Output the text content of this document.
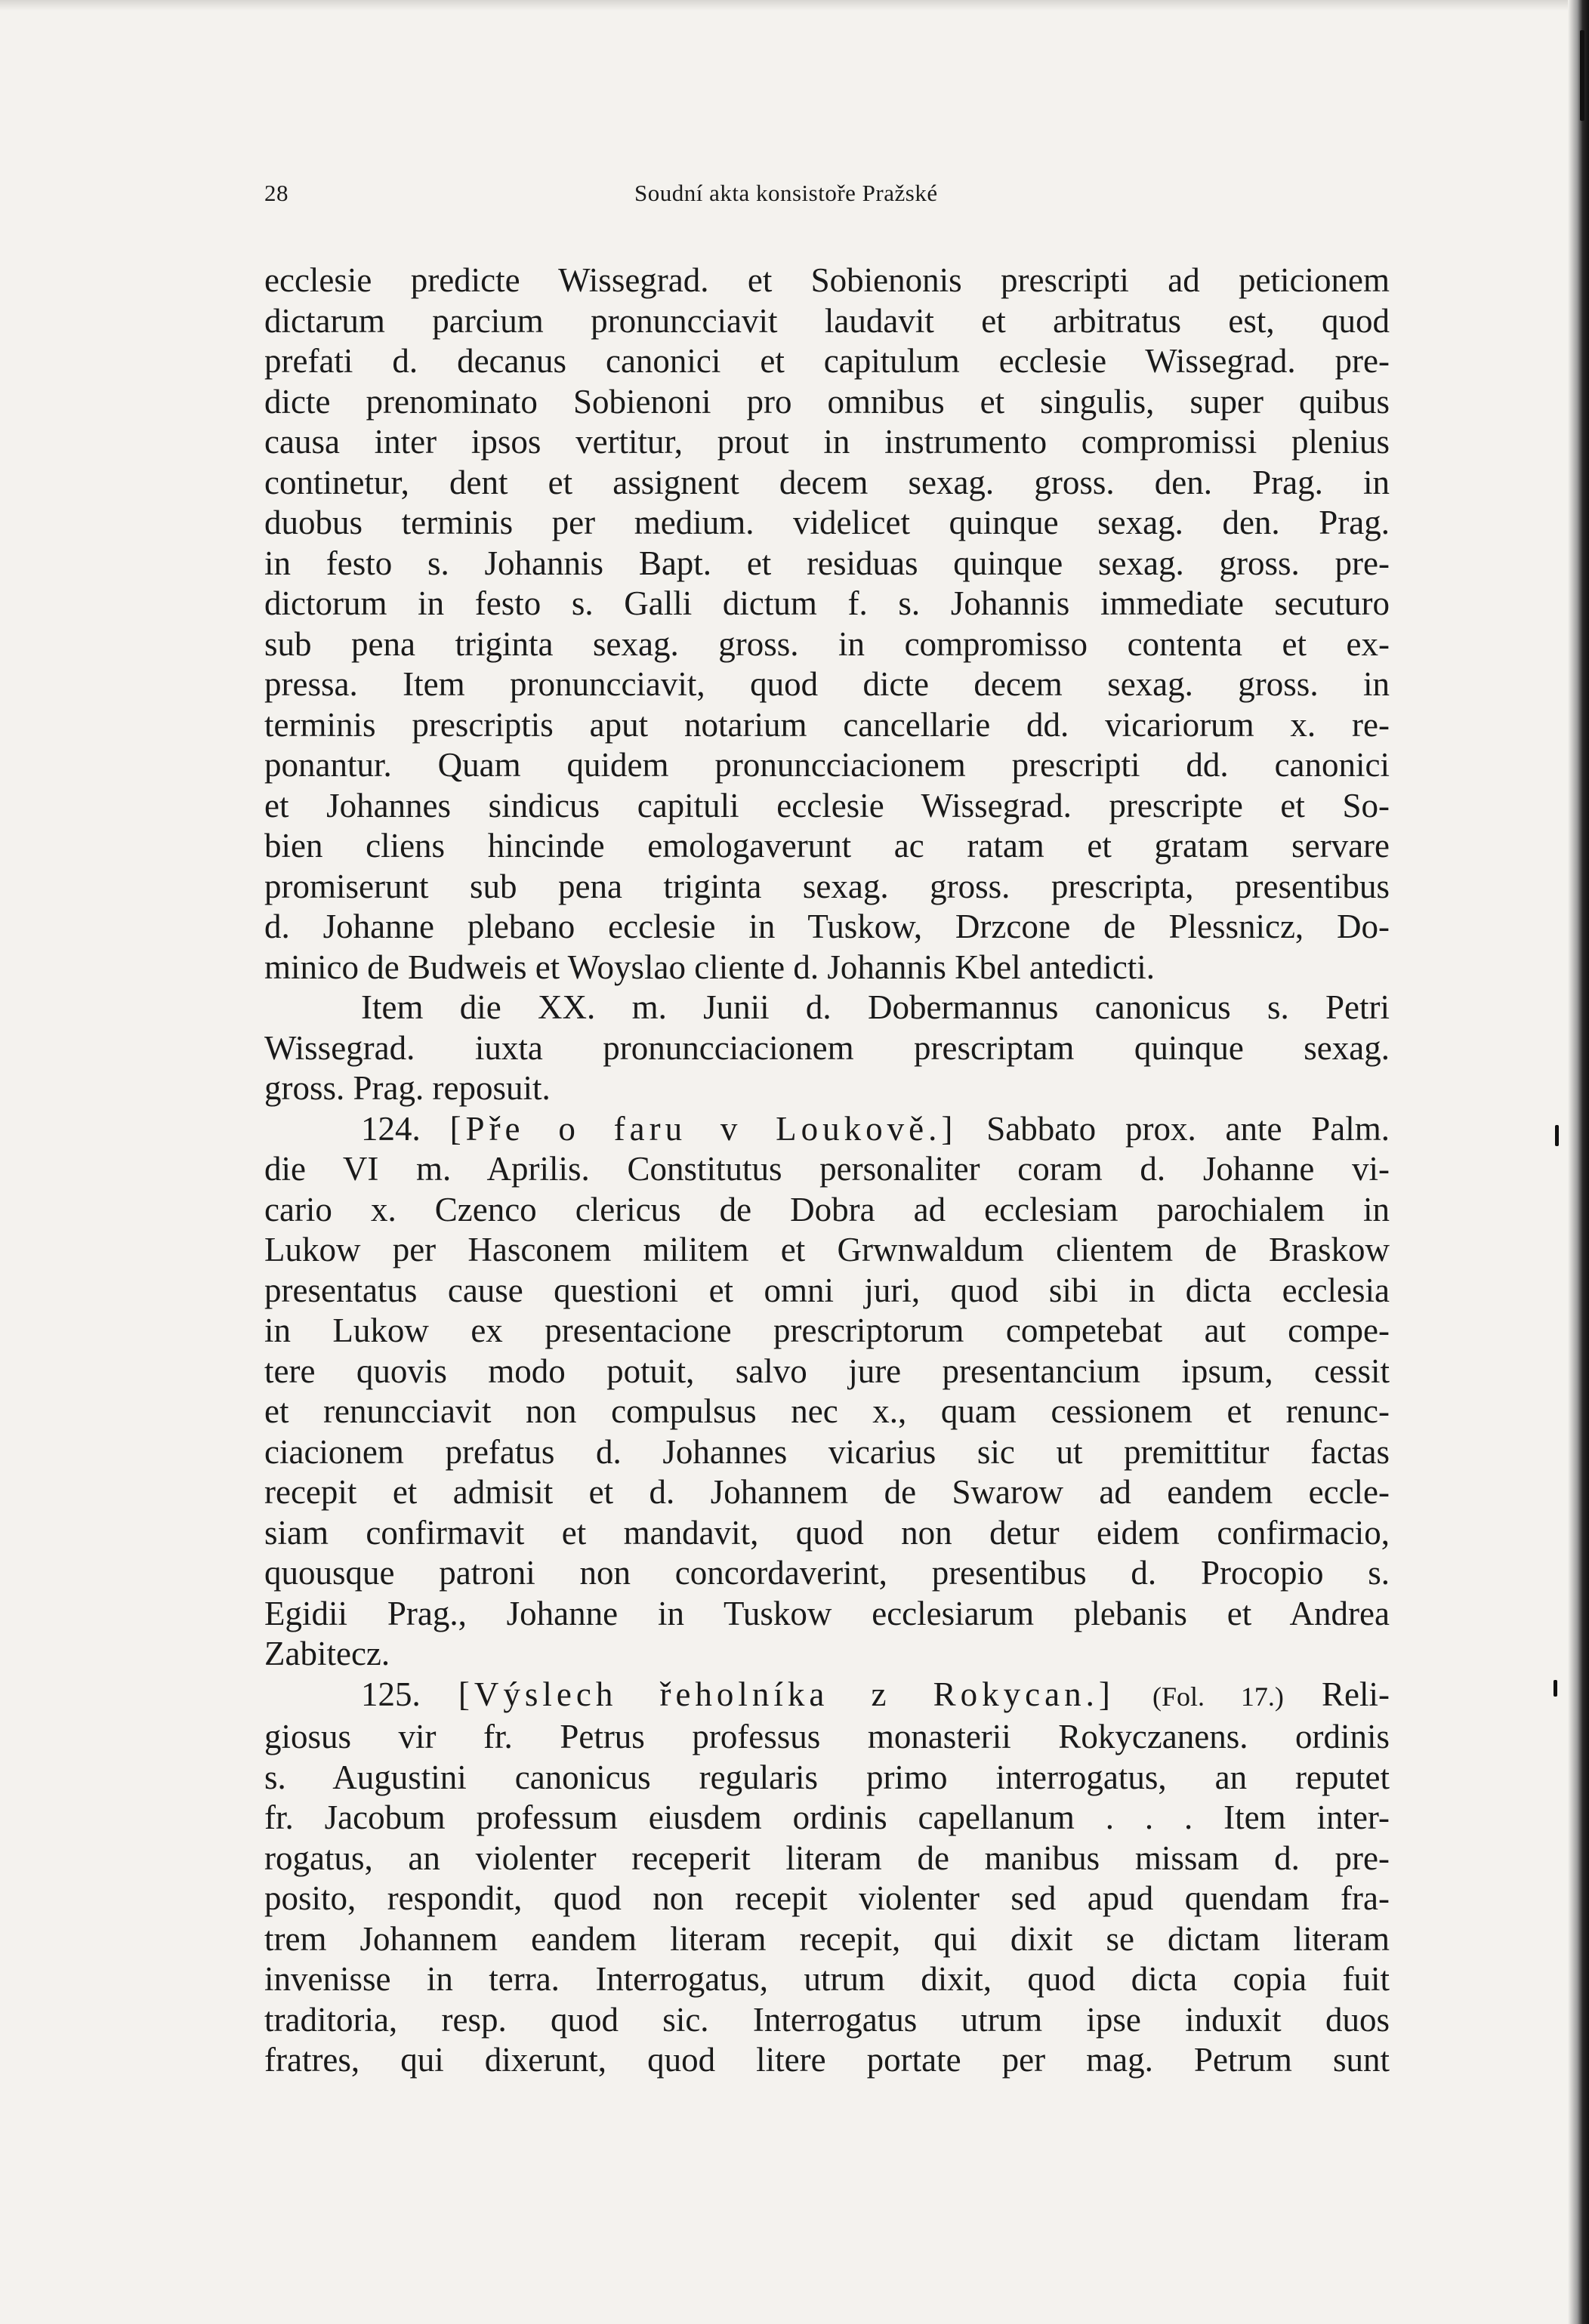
28	Soudní akta konsistoře Pražské
ecclesie predicte Wissegrad. et Sobienonis prescripti ad peticionem
dictarum parcium pronuncciavit laudavit et arbitratus est, quod
prefati d. decanus canonici et capitulum ecclesie Wissegrad. pre-
dicte prenominato Sobienoni pro omnibus et singulis, super quibus
causa inter ipsos vertitur, prout in instrumento compromissi plenius
continetur, dent et assignent decem sexag. gross. den. Prag. in
duobus terminis per medium. videlicet quinque sexag. den. Prag.
in festo s. Johannis Bapt. et residuas quinque sexag. gross. pre-
dictorum in festo s. Galli dictum f. s. Johannis immediate secuturo
sub pena triginta sexag. gross. in compromisso contenta et ex-
pressa. Item pronuncciavit, quod dicte decem sexag. gross. in
terminis prescriptis aput notarium cancellarie dd. vicariorum x. re-
ponantur. Quam quidem pronuncciacionem prescripti dd. canonici
et Johannes sindicus capituli ecclesie Wissegrad. prescripte et So-
bien cliens hincinde emologaverunt ac ratam et gratam servare
promiserunt sub pena triginta sexag. gross. prescripta, presentibus
d. Johanne plebano ecclesie in Tuskow, Drzcone de Plessnicz, Do-
minico de Budweis et Woyslao cliente d. Johannis Kbel antedicti.
Item die XX. m. Junii d. Dobermannus canonicus s. Petri
Wissegrad. iuxta pronuncciacionem prescriptam quinque sexag.
gross. Prag. reposuit.
124. [Pře o faru v Loukově.] Sabbato prox. ante Palm.
die VI m. Aprilis. Constitutus personaliter coram d. Johanne vi-
cario x. Czenco clericus de Dobra ad ecclesiam parochialem in
Lukow per Hasconem militem et Grwnwaldum clientem de Braskow
presentatus cause questioni et omni juri, quod sibi in dicta ecclesia
in Lukow ex presentacione prescriptorum competebat aut compe-
tere quovis modo potuit, salvo jure presentancium ipsum, cessit
et renuncciavit non compulsus nec x., quam cessionem et renunc-
ciacionem prefatus d. Johannes vicarius sic ut premittitur factas
recepit et admisit et d. Johannem de Swarow ad eandem eccle-
siam confirmavit et mandavit, quod non detur eidem confirmacio,
quousque patroni non concordaverint, presentibus d. Procopio s.
Egidii Prag., Johanne in Tuskow ecclesiarum plebanis et Andrea
Zabitecz.
125. [Výslech řeholníka z Rokycan.] (Fol. 17.) Reli-
giosus vir fr. Petrus professus monasterii Rokyczanens. ordinis
s. Augustini canonicus regularis primo interrogatus, an reputet
fr. Jacobum professum eiusdem ordinis capellanum . . . Item inter-
rogatus, an violenter receperit literam de manibus missam d. pre-
posito, respondit, quod non recepit violenter sed apud quendam fra-
trem Johannem eandem literam recepit, qui dixit se dictam literam
invenisse in terra. Interrogatus, utrum dixit, quod dicta copia fuit
traditoria, resp. quod sic. Interrogatus utrum ipse induxit duos
fratres, qui dixerunt, quod litere portate per mag. Petrum sunt
